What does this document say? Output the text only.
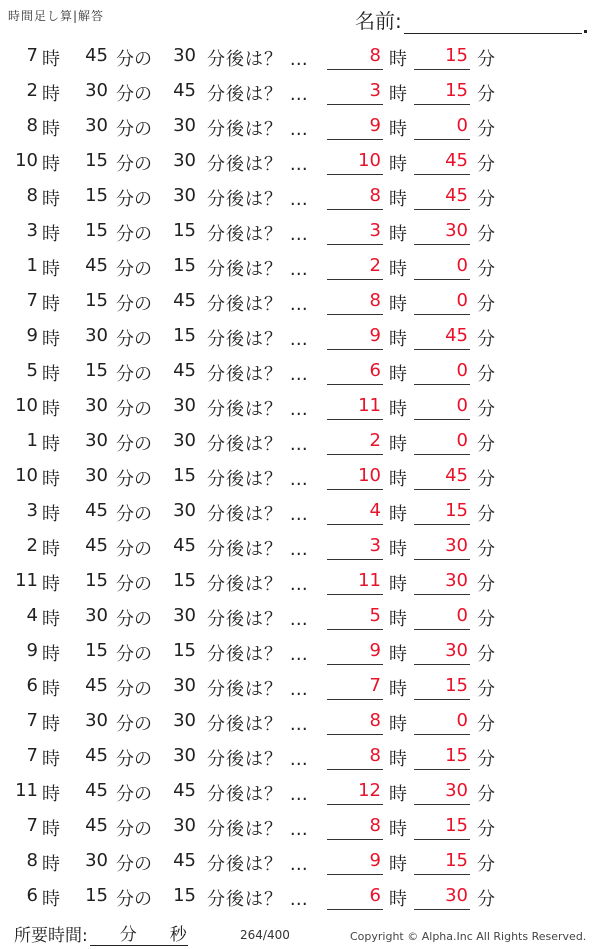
時間足し算|解答	名前:
7 時 45 分の 30 分後は？ …	8 時 15 分
2 時 30 分の 45 分後は？ …	3 時 15 分
8 時 30 分の 30 分後は？ …	9 時	0 分
10 時 15 分の 30 分後は？ …	10 時 45 分
8 時 15 分の 30 分後は？ …	8 時 45 分
3 時 15 分の 15 分後は？ …	3 時 30 分
1 時 45 分の 15 分後は？ …	2 時	0 分
7 時 15 分の 45 分後は？ …	8 時	0 分
9 時 30 分の 15 分後は？ …	9 時 45 分
5 時 15 分の 45 分後は？ …	6 時	0 分
10 時 30 分の 30 分後は？ …	11 時	0 分
1 時 30 分の 30 分後は？ …	2 時	0 分
10 時 30 分の 15 分後は？ …	10 時 45 分
3 時 45 分の 30 分後は？ …	4 時 15 分
2 時 45 分の 45 分後は？ …	3 時 30 分
11 時 15 分の 15 分後は？ …	11 時 30 分
4 時 30 分の 30 分後は？ …	5 時	0 分
9 時 15 分の 15 分後は？ …	9 時 30 分
6 時 45 分の 30 分後は？ …	7 時 15 分
7 時 30 分の 30 分後は？ …	8 時	0 分
7 時 45 分の 30 分後は？ …	8 時 15 分
11 時 45 分の 45 分後は？ …	12 時 30 分
7 時 45 分の 30 分後は？ …	8 時 15 分
8 時 30 分の 45 分後は？ …	9 時 15 分
6 時 15 分の 15 分後は？ …	6 時 30 分
所要時間: 分 秒	264/400	Copyright © Alpha.Inc All Rights Reserved.
